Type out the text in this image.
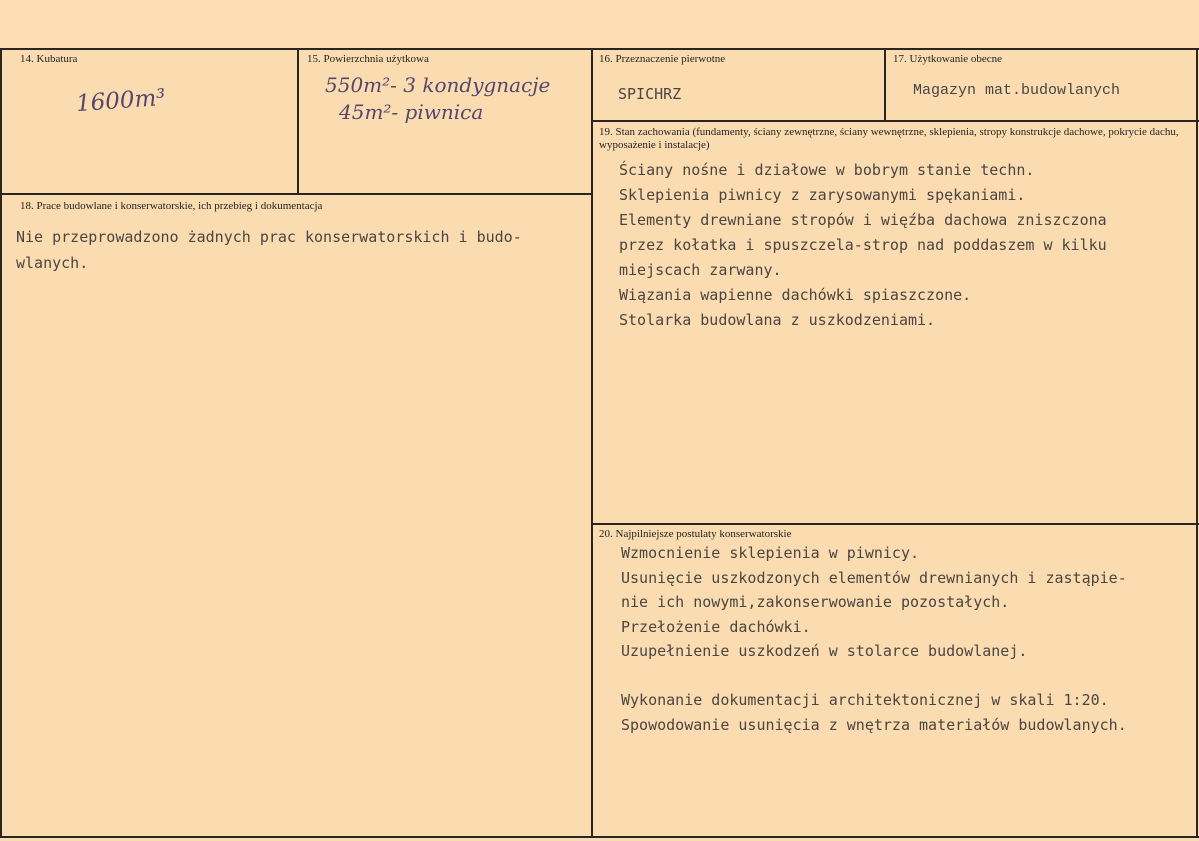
14. Kubatura
1600m³
15. Powierzchnia użytkowa
550m²- 3 kondygnacje
45m²- piwnica
16. Przeznaczenie pierwotne
SPICHRZ
17. Użytkowanie obecne
Magazyn mat.budowlanych
18. Prace budowlane i konserwatorskie, ich przebieg i dokumentacja
Nie przeprowadzono żadnych prac konserwatorskich i budo-
wlanych.
19. Stan zachowania (fundamenty, ściany zewnętrzne, ściany wewnętrzne, sklepienia, stropy konstrukcje dachowe, pokrycie dachu, wyposażenie i instalacje)
Ściany nośne i działowe w bobrym stanie techn.
Sklepienia piwnicy z zarysowanymi spękaniami.
Elementy drewniane stropów i więźba dachowa zniszczona
przez kołatka i spuszczela-strop nad poddaszem w kilku
miejscach zarwany.
Wiązania wapienne dachówki spiaszczone.
Stolarka budowlana z uszkodzeniami.
20. Najpilniejsze postulaty konserwatorskie
Wzmocnienie sklepienia w piwnicy.
Usunięcie uszkodzonych elementów drewnianych i zastąpie-
nie ich nowymi,zakonserwowanie pozostałych.
Przełożenie dachówki.
Uzupełnienie uszkodzeń w stolarce budowlanej.
Wykonanie dokumentacji architektonicznej w skali 1:20.
Spowodowanie usunięcia z wnętrza materiałów budowlanych.
